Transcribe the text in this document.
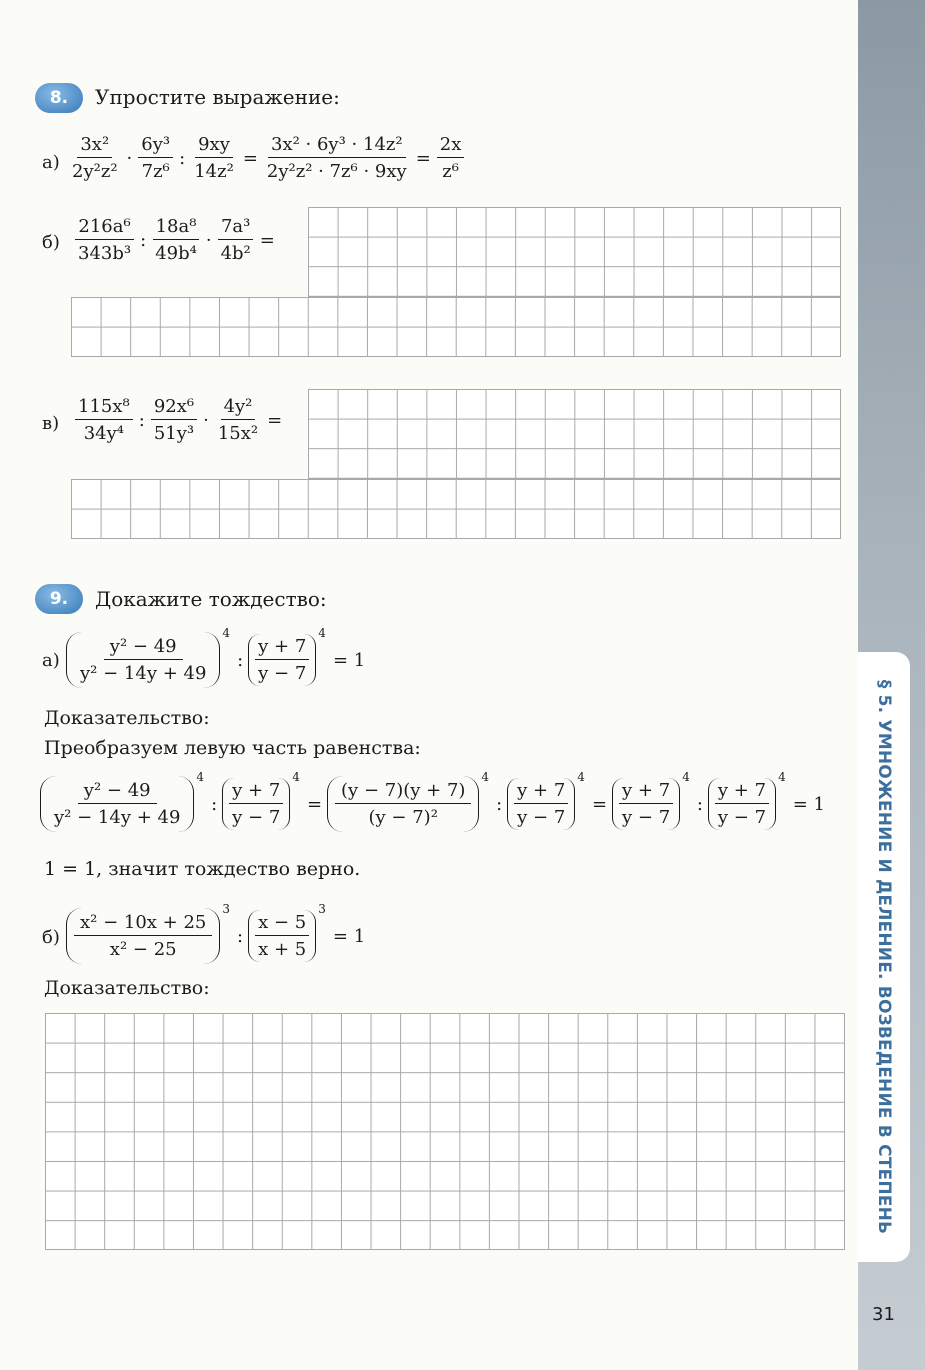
§ 5. УМНОЖЕНИЕ И ДЕЛЕНИЕ. ВОЗВЕДЕНИЕ В СТЕПЕНЬ
31
8.	Упростите выражение:
$а) \frac{\text{3x²}}{\text{2y²z²}} \cdot \frac{\text{6y³}}{\text{7z⁶}}$ : $\frac{9xy}{\text{14z²}} = \frac{\text{3x² · 6y³ · 14z²}}{\text{2y²z² · 7z⁶ · 9xy}} = \frac{2x}{\text{z⁶}}$
$б) \frac{\text{216a⁶}}{\text{343b³}}$ : $\frac{\text{18a⁸}}{\text{49b⁴}} \cdot \frac{\text{7a³}}{\text{4b²}}$ =
$в) \frac{\text{115x⁸}}{\text{34y⁴}}$ : $\frac{\text{92x⁶}}{\text{51y³}} \cdot \frac{\text{4y²}}{\text{15x²}}$ =
9.	Докажите тождество:
$а) \frac{\text{y² − 49}}{\text{y² − 14y + 49}}$
4
: $\frac{y + 7}{y - 7}$
4
= 1
Доказательство:
Преобразуем левую часть равенства:
$\frac{\text{y² − 49}}{\text{y² − 14y + 49}}$
4
: $\frac{y + 7}{y - 7}$
4
= $\frac{(y - 7)(y + 7)}{\text{(y − 7)²}}$
4
: $\frac{y + 7}{y - 7}$
4
= $\frac{y + 7}{y - 7}$
4
: $\frac{y + 7}{y - 7}$
4
= 1
1 = 1, значит тождество верно.
$б) \frac{\text{x² − 10x + 25}}{\text{x² − 25}}$
3
: $\frac{x - 5}{x + 5}$
3
= 1
Доказательство:
